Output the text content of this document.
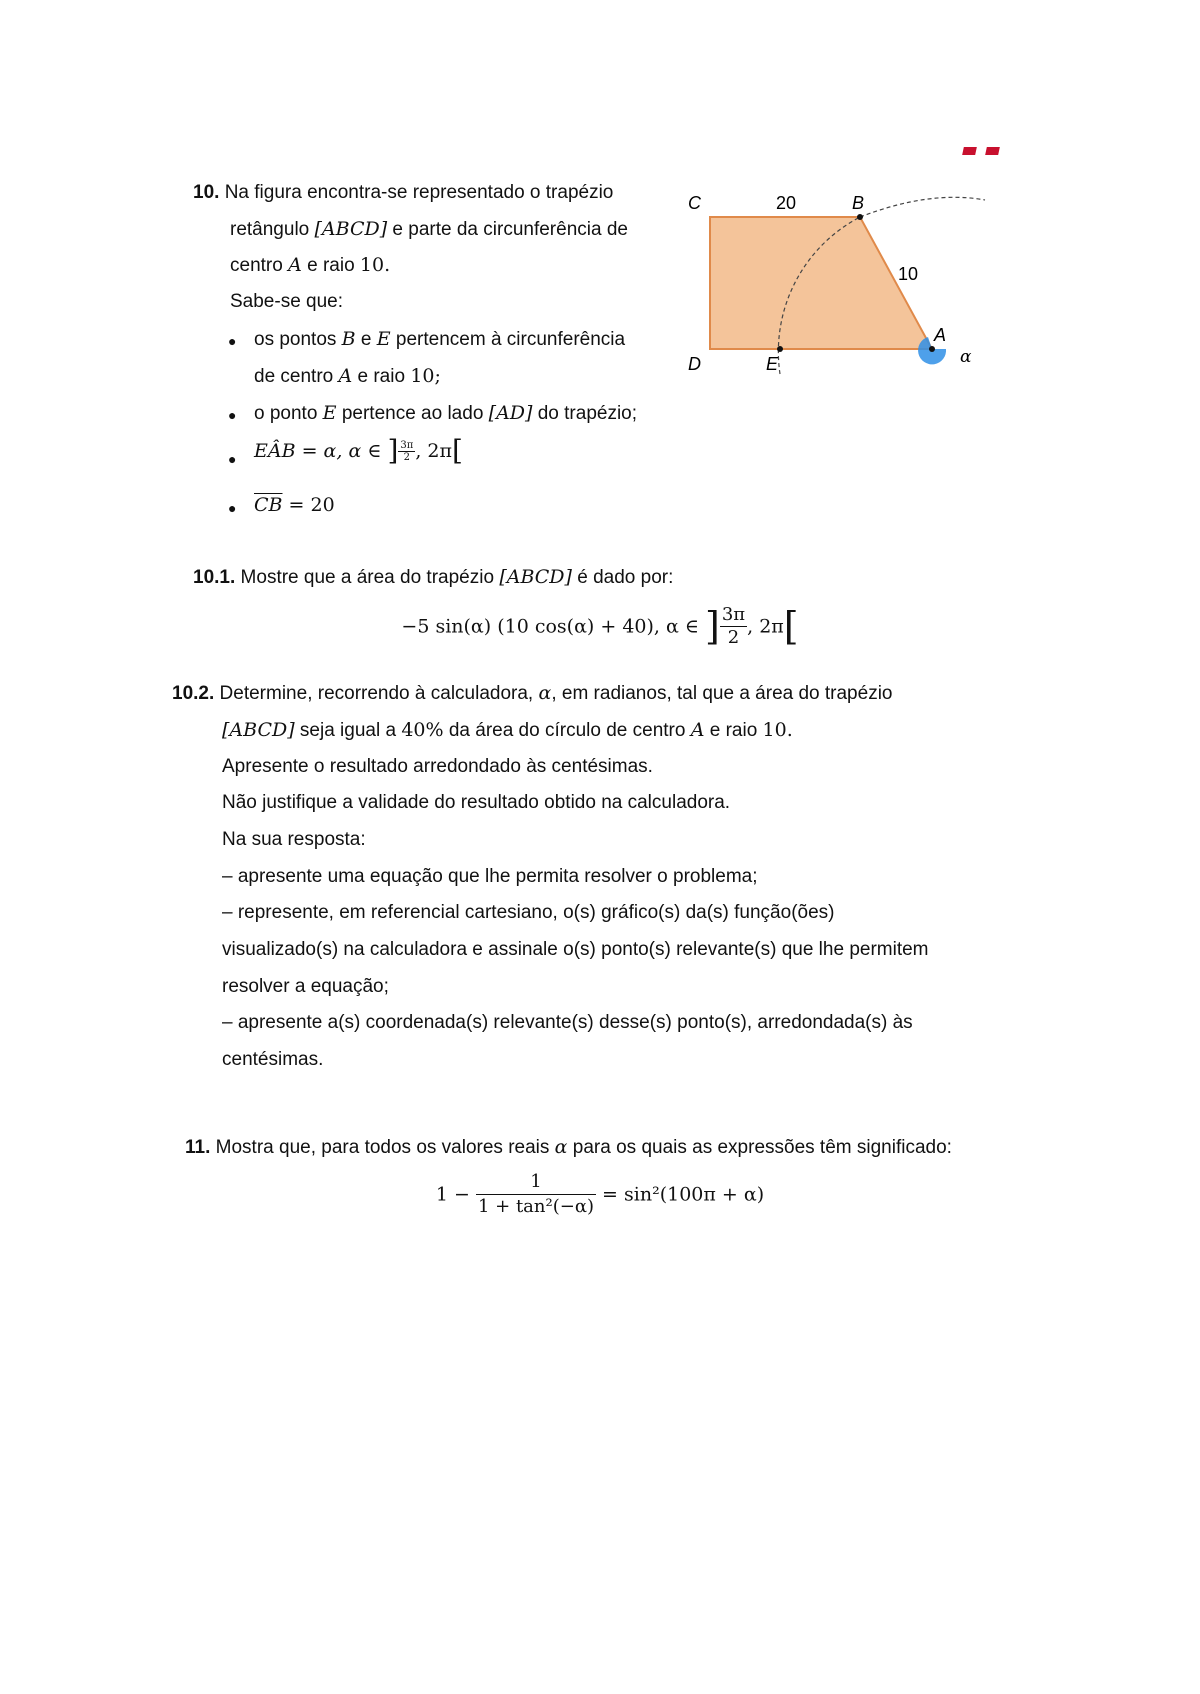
10. Na figura encontra-se representado o trapézio
retângulo [ABCD] e parte da circunferência de
centro A e raio 10.
Sabe-se que:
● os pontos B e E pertencem à circunferência
de centro A e raio 10;
● o ponto E pertence ao lado [AD] do trapézio;
● EÂB = α, α ∈ ] $\frac{3\pi}{2}$ , 2π[
● $\overline{CB} = 20$
C	20	B
10
D	E
A
α
10.1. Mostre que a área do trapézio [ABCD] é dado por:
−5 sin(α) (10 cos(α) + 40), α ∈ ] $\frac{3\pi}{2}$ , 2π[
10.2. Determine, recorrendo à calculadora, α, em radianos, tal que a área do trapézio
[ABCD] seja igual a 40% da área do círculo de centro A e raio 10.
Apresente o resultado arredondado às centésimas.
Não justifique a validade do resultado obtido na calculadora.
Na sua resposta:
– apresente uma equação que lhe permita resolver o problema;
– represente, em referencial cartesiano, o(s) gráfico(s) da(s) função(ões)
visualizado(s) na calculadora e assinale o(s) ponto(s) relevante(s) que lhe permitem
resolver a equação;
– apresente a(s) coordenada(s) relevante(s) desse(s) ponto(s), arredondada(s) às
centésimas.
11. Mostra que, para todos os valores reais α para os quais as expressões têm significado:
$1 - \frac{1}{\text{1 + tan²(−α)}} = \sin^2(100\pi + \alpha)$
